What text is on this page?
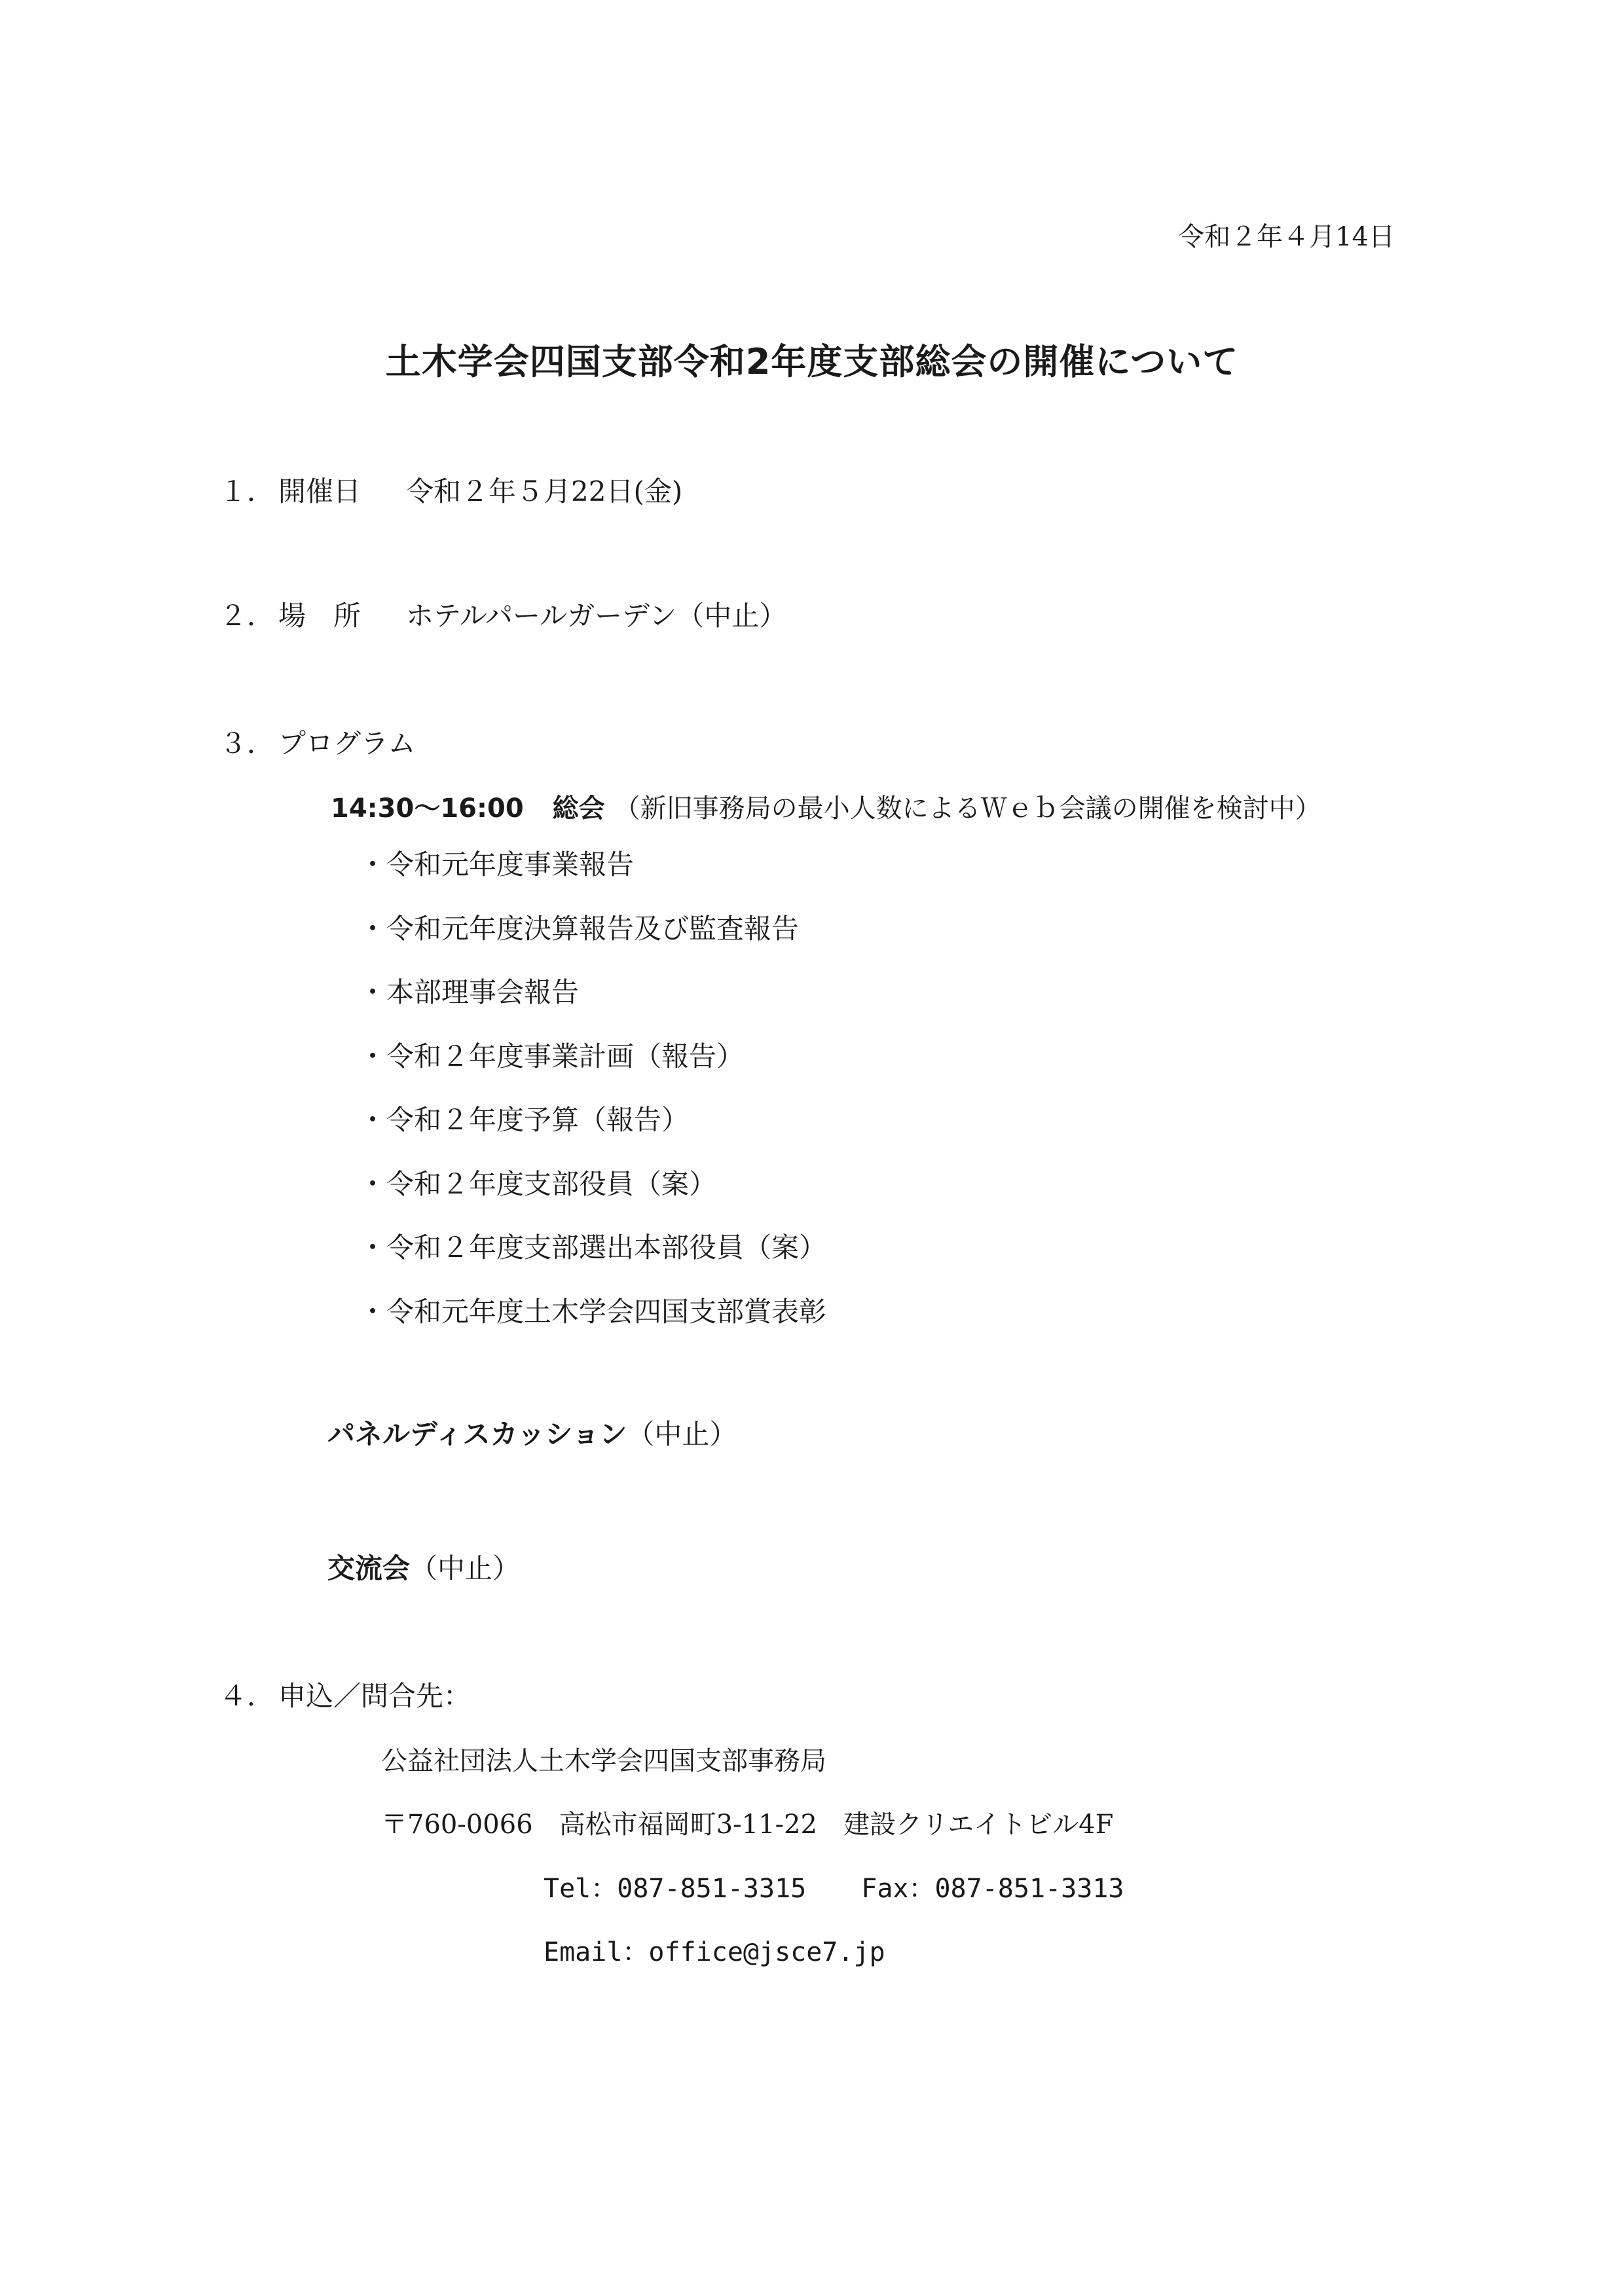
令和２年４月14日
土木学会四国支部令和2年度支部総会の開催について
１． 開催日 令和２年５月22日(金)
２． 場　所 ホテルパールガーデン（中止）
３． プログラム
14:30～16:00 総会 （新旧事務局の最小人数によるＷｅｂ会議の開催を検討中）
・令和元年度事業報告
・令和元年度決算報告及び監査報告
・本部理事会報告
・令和２年度事業計画（報告）
・令和２年度予算（報告）
・令和２年度支部役員（案）
・令和２年度支部選出本部役員（案）
・令和元年度土木学会四国支部賞表彰
パネルディスカッション（中止）
交流会（中止）
４． 申込／問合先：
公益社団法人土木学会四国支部事務局
〒760-0066 高松市福岡町3-11-22 建設クリエイトビル4F
Tel：087-851-3315 Fax：087-851-3313
Email：office@jsce7.jp
